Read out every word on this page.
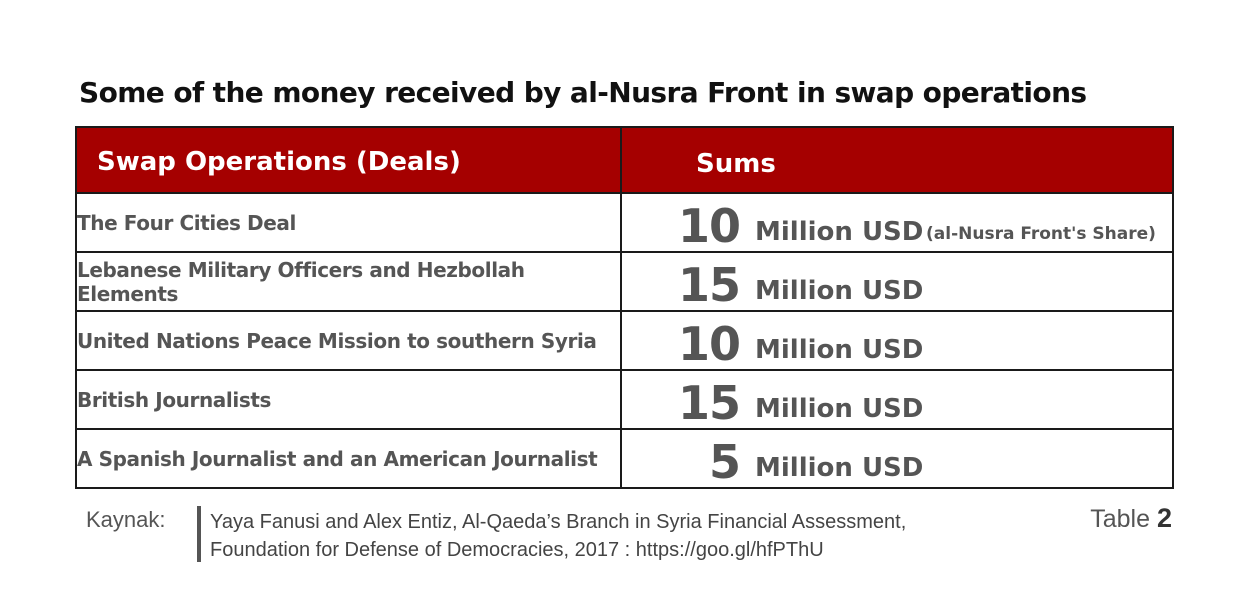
Some of the money received by al-Nusra Front in swap operations
Swap Operations (Deals)	Sums
The Four Cities Deal	10 Million USD (al-Nusra Front's Share)

Lebanese Military Officers and Hezbollah Elements	15 Million USD

United Nations Peace Mission to southern Syria	10 Million USD

British Journalists	15 Million USD

A Spanish Journalist and an American Journalist	5 Million USD
Kaynak: Yaya Fanusi and Alex Entiz, Al-Qaeda’s Branch in Syria Financial Assessment,
Foundation for Defense of Democracies, 2017 : https://goo.gl/hfPThU
Table 2
